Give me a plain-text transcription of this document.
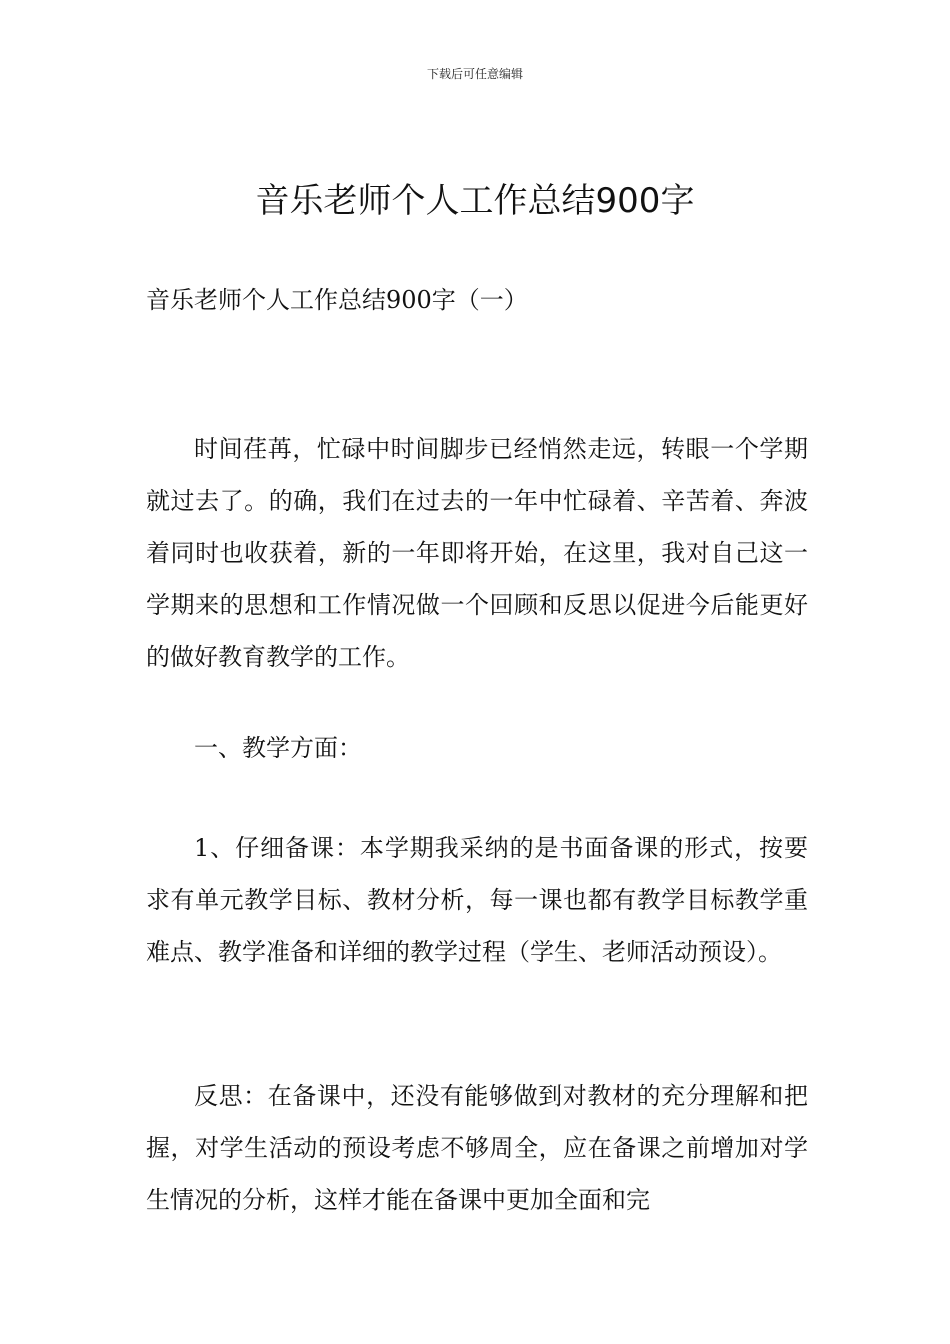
下载后可任意编辑
音乐老师个人工作总结900字
音乐老师个人工作总结900字（一）

时间荏苒，忙碌中时间脚步已经悄然走远，转眼一个学期就过去了。的确，我们在过去的一年中忙碌着、辛苦着、奔波着同时也收获着，新的一年即将开始，在这里，我对自己这一学期来的思想和工作情况做一个回顾和反思以促进今后能更好的做好教育教学的工作。

一、教学方面：

1、仔细备课：本学期我采纳的是书面备课的形式，按要求有单元教学目标、教材分析，每一课也都有教学目标教学重难点、教学准备和详细的教学过程（学生、老师活动预设）。

反思：在备课中，还没有能够做到对教材的充分理解和把握，对学生活动的预设考虑不够周全，应在备课之前增加对学生情况的分析，这样才能在备课中更加全面和完
